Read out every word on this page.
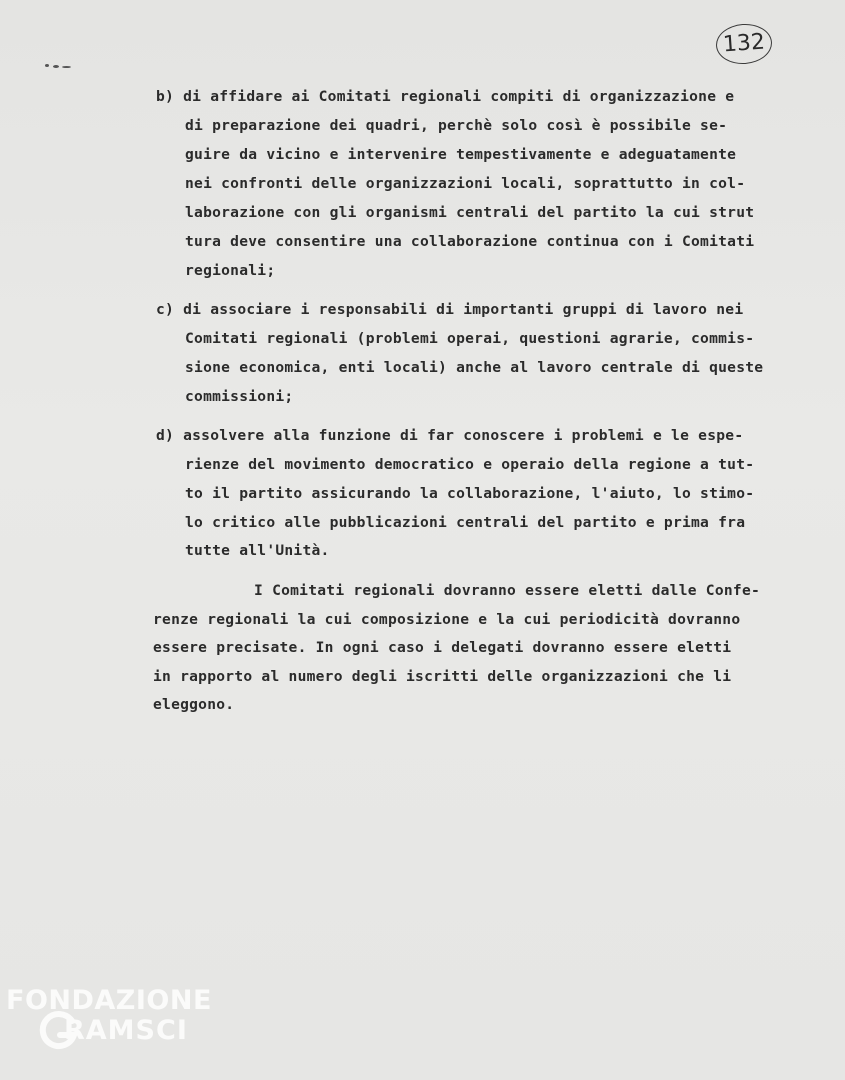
132
b) di affidare ai Comitati regionali compiti di organizzazione e
di preparazione dei quadri, perchè solo così è possibile se-
guire da vicino e intervenire tempestivamente e adeguatamente
nei confronti delle organizzazioni locali, soprattutto in col-
laborazione con gli organismi centrali del partito la cui strut
tura deve consentire una collaborazione continua con i Comitati
regionali;
c) di associare i responsabili di importanti gruppi di lavoro nei
Comitati regionali (problemi operai, questioni agrarie, commis-
sione economica, enti locali) anche al lavoro centrale di queste
commissioni;
d) assolvere alla funzione di far conoscere i problemi e le espe-
rienze del movimento democratico e operaio della regione a tut-
to il partito assicurando la collaborazione, l'aiuto, lo stimo-
lo critico alle pubblicazioni centrali del partito e prima fra
tutte all'Unità.
I Comitati regionali dovranno essere eletti dalle Confe-
renze regionali la cui composizione e la cui periodicità dovranno
essere precisate. In ogni caso i delegati dovranno essere eletti
in rapporto al numero degli iscritti delle organizzazioni che li
eleggono.
FONDAZIONE
RAMSCI
